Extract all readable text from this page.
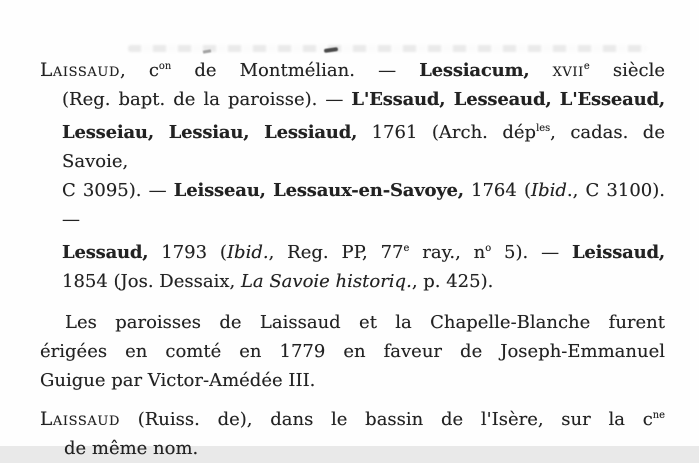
Laissaud, $c^{on}$ de Montmélian. — Lessiacum, xvii$^e$ siècle
(Reg. bapt. de la paroisse). — L'Essaud, Lesseaud, L'Esseaud,
Lesseiau, Lessiau, Lessiaud, 1761 (Arch. dép$^{les}$, cadas. de Savoie,
C 3095). — Leisseau, Lessaux-en-Savoye, 1764 (Ibid., C 3100). —
Lessaud, 1793 (Ibid., Reg. PP, 77e ray., $n^o$ 5). — Leissaud,
1854 (Jos. Dessaix, La Savoie historiq., p. 425).
Les paroisses de Laissaud et la Chapelle-Blanche furent
érigées en comté en 1779 en faveur de Joseph-Emmanuel
Guigue par Victor-Amédée III.
Laissaud (Ruiss. de), dans le bassin de l'Isère, sur la $c^{ne}$
de même nom.
